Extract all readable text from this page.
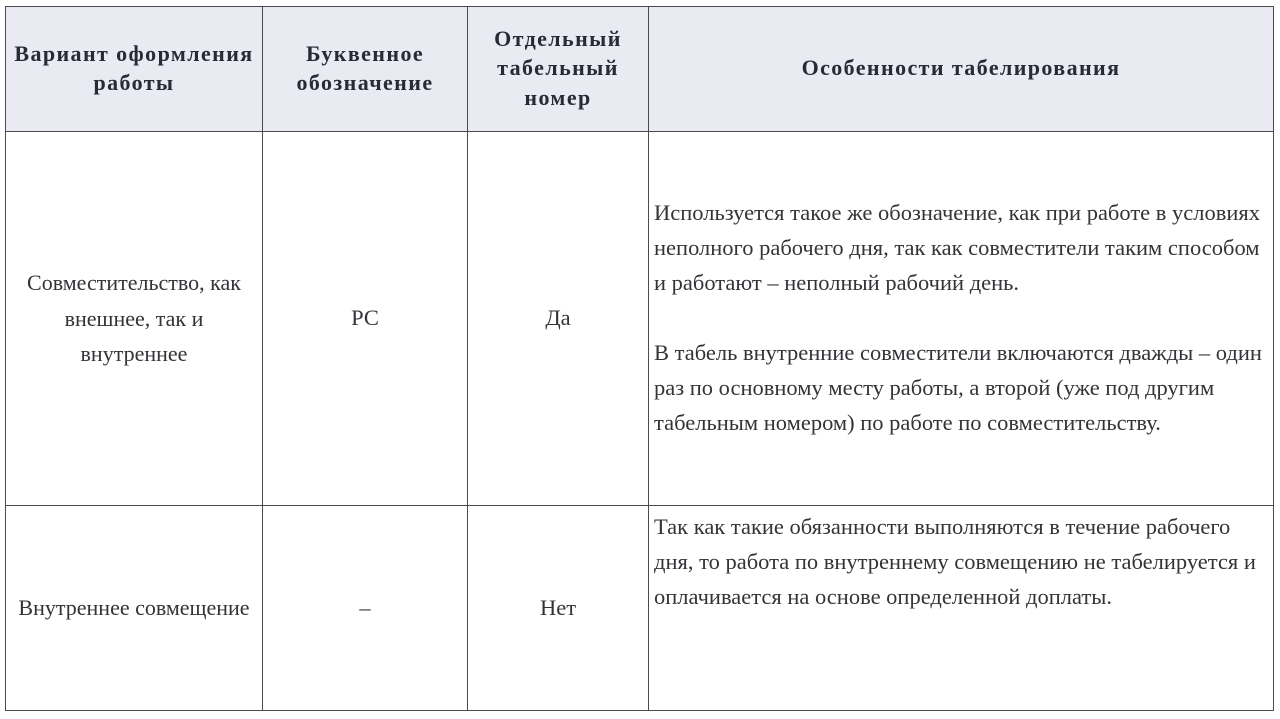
Вариант оформления работы	Буквенное обозначение	Отдельный табельный номер	Особенности табелирования
Совместительство, как внешнее, так и внутреннее	РС	Да	Используется такое же обозначение, как при работе в условиях неполного рабочего дня, так как совместители таким способом и работают – неполный рабочий день.

В табель внутренние совместители включаются дважды – один раз по основному месту работы, а второй (уже под другим табельным номером) по работе по совместительству.

Внутреннее совмещение	–	Нет	Так как такие обязанности выполняются в течение рабочего дня, то работа по внутреннему совмещению не табелируется и оплачивается на основе определенной доплаты.
